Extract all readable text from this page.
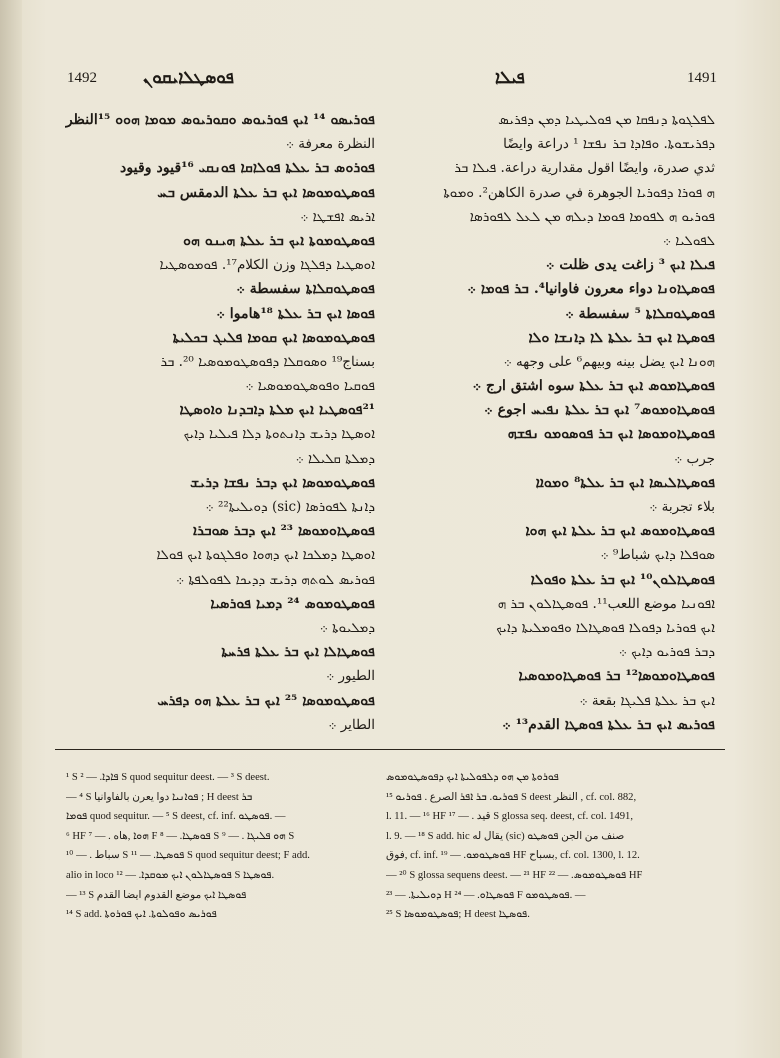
1492	ܦܘܣܛܠܐܝܩܘܢ	ܦܝܠܐ	1491
ܦܘܪܝܣܘ ¹⁴ ܐܝܟ ܦܘܪܝܘܣ ܘܩܘܪܝܘܣ ܡܘܡܐ ܗܘܘ ¹⁵النظر
النظرة معرفة ܀
ܦܘܪܘܣ ܒܪ ܥܠܬܐ ܦܘܠܐܩܐ ܦܘܢܩܝ ¹⁶قيود وقيود
ܦܘܣܛܘܡܘܣܐ ܐܝܟ ܒܪ ܥܠܬܐ الدمقس ܒܚ
ܐܪܝܣ ܐܦܫܛܐ ܀
ܦܘܣܛܘܡܘܬܐ ܐܝܟ ܒܪ ܥܠܬܐ ܗܝܢܘ ܗܘ
ܐܘܣܛܝܐ ܕܦܠܓܐ وزن الكلام¹⁷. ܦܘܡܘܣܛܝܐ
ܦܘܣܛܘܩܠܐܬܐ سفسطة ܀
ܦܘܣܐ ܐܝܟ ܒܪ ܥܠܬܐ ¹⁸هاموا ܀
ܦܘܣܛܘܡܘܣܐ ܐܝܟ ܩܘܡܐ ܦܠܝܓ ܒܟܠܝܬܐ
بسناج¹⁹ ܘܣܘܩܠܐ ܕܦܘܣܛܘܡܘܣܝܐ ²⁰. ܒܪ
ܦܘܩܝܐ ܘܦܘܣܛܘܡܘܣܝܐ ܀
²¹ܦܘܣܛܝܐ ܐܝܟ ܡܠܬܐ ܕܐܒܕܢܐ ܘܐܘܣܛܐ
ܐܘܣܛܐ ܕܪܝܫ ܕܐܢܬܘܬܐ ܕܠܐ ܦܝܠܝܐ ܕܐܝܟ
ܕܡܠܬܐ ܩܠܝܠܐ ܀
ܦܘܣܛܘܡܘܣܐ ܐܝܟ ܕܒܪ ܢܦܫܐ ܕܪܝܫ
ܕܐܢܬܐ ܠܦܘܪܣܐ (sic) ܕܘܝܠܝܬܐ²² ܀
ܦܘܣܛܐܘܡܘܣܐ ²³ ܐܝܟ ܕܒܪ ܣܘܒܪܐ
ܐܘܣܛܐ ܕܡܠܟܐ ܐܝܟ ܕܗܘܐ ܘܦܠܓܘܬܐ ܐܝܟ ܦܘܠܐ
ܦܘܪܝܣ ܠܘܬܗ ܕܪܝܫ ܕܕܝܟܐ ܠܦܘܠܦܬܐ ܀
ܦܘܣܛܘܡܘܣ ²⁴ ܕܡܝܐ ܦܘܪܣܝܐ
ܕܡܠܝܘܬܐ ܀
ܦܘܣܛܐܠܐ ܐܝܟ ܒܪ ܥܠܬܐ ܦܪܚܬܐ
الطيور ܀
ܦܘܣܛܘܡܘܣܐ ²⁵ ܐܝܟ ܒܪ ܥܠܬܐ ܗܘ ܕܦܪܚ
الطاير ܀
ܠܦܠܓܘܬܐ ܕܢܦܩܐ ܡܢ ܦܘܠܝܛܝܐ ܕܡܢ ܕܦܪܝܣ
ܕܦܪܝܫܘܬܐ. ܘܦܐܕܐ ܒܪ ܢܦܫܐ ¹ دراعة وايضًا
ثدي صدرة، وايضًا اقول مقدارية دراعة. ܦܝܠܐ ܒܪ
ܗ ܦܘܪܐ ܕܦܘܪܝܐ الجوهرة في صدرة الكاهن². ܘܡܘܬܐ
ܦܘܪܝܘ ܗ ܠܦܘܡܐ ܦܘܡܐ ܕܝܠܗ ܡܢ ܠܥܠ ܠܦܘܪܣܐ
ܠܦܘܠܝܐ ܀
ܦܝܠܐ ܐܝܟ ³ زاغت يدى ظلت ܀
ܦܘܣܛܐܘܢܐ دواء معرون فاوانيا⁴. ܒܪ ܦܘܡܐ ܀
ܦܘܣܛܘܩܠܐܬܐ ⁵ سفسطة ܀
ܦܘܣܛܐ ܐܝܟ ܒܪ ܥܠܬܐ ܠܐ ܕܐܢܫܐ ܘܠܐ
ܗܘܢܐ ܐܝܟ يضل بينه وبيهم⁶ على وجهه ܀
ܦܘܣܛܐܡܘܣ ܐܝܟ ܒܪ ܥܠܬܐ سوه اشتق ارج ܀
ܦܘܣܛܐܘܡܘܣ⁷ ܐܝܟ ܒܪ ܥܠܬܐ ܢܦܝܚ اجوع ܀
ܦܘܣܛܐܘܡܘܣܐ ܐܝܟ ܒܪ ܦܘܣܘܡܘ ܢܦܫܗ
جرب ܀
ܦܘܣܛܐܠܝܣܐ ܐܝܟ ܒܪ ܥܠܬܐ⁸ ܘܡܘܐܐ
بلاء تجربة ܀
ܦܘܣܛܐܘܡܘܣ ܐܝܟ ܒܪ ܥܠܬܐ ܐܝܟ ܗܘܐ
ܣܘܦܠܐ ܕܐܝܟ شباط⁹ ܀
ܦܘܣܛܐܠܘܢ¹⁰ ܐܝܟ ܒܪ ܥܠܬܐ ܘܦܘܠܐ
ܐܦܘܢܝܐ موضع اللعب¹¹. ܦܘܣܛܐܠܘܢ ܒܪ ܗ
ܐܝܟ ܦܘܪܝܐ ܕܦܘܠܐ ܦܘܣܛܐܠܐ ܘܦܘܡܠܝܬܐ ܕܐܝܟ
ܕܒܪ ܦܘܪܝܘ ܕܐܝܟ ܀
ܦܘܣܛܐܘܡܘܣܐ¹² ܒܪ ܦܘܣܛܐܘܡܘܣܝܐ
ܐܝܟ ܒܪ ܥܠܬܐ ܦܠܝܓܐ بقعة ܀
ܦܘܪܝܣ ܐܝܟ ܒܪ ܥܠܬܐ ܦܘܣܛܐ القدم¹³ ܀
¹ S ܦܐܕܐ. — ² S quod sequitur deest. — ³ S deest.
— ⁴ S ܦܘܐܢܝܐ دوا يعرن بالفاوانيا ; H deest ܒܪ
ܦܘܡܐ quod sequitur. — ⁵ S deest, cf. inf. ܦܘܣܛܘ. —
⁶ HF ܗܘܐ ,هاه . — ⁷ F ܦܘܣܛܐ. — ⁸ S ܗܘ ܦܠܝܓܐ . — ⁹ S
سباط . — ¹⁰ S ܦܘܣܛܐ. — ¹¹ S quod sequitur deest; F add.
alio in loco ܦܘܣܛܐܠܘܢ ܐܝܟ ܡܘܩܕܐ. — ¹² S ܦܘܣܛܐ.
— ¹³ S ܦܘܣܛܐ ܐܝܟ موضع القدوم ايضا القدم
¹⁴ S add. ܦܘܪܝܣ ܘܦܘܠܘܬܐ. ܐܝܟ ܦܘܪܘܬܐ
ܦܘܪܘܬܐ ܡܢ ܗܘ ܕܠܦܘܠܝܬܐ ܐܝܟ ܕܦܘܣܛܘܡܘܣ
ܦܘܪܝܘ. ܒܪ ܐܦܪ الصرع . ܦܘܪܝܘ ¹⁵ S deest النظر , cf. col. 882,
l. 11. — ¹⁶ HF قيد . — ¹⁷ S glossa seq. deest, cf. col. 1491,
l. 9. — ¹⁸ S add. hic يقال له (sic) صنف من الجن ܦܘܣܛܘ
فوق, cf. inf. ܦܘܣܛܘܡܘ. — ¹⁹ HF بسباح, cf. col. 1300, l. 12.
— ²⁰ S glossa sequens deest. — ²¹ HF ܦܘܣܛܘܡܘܣ. — ²² HF
ܕܘܝܠܝܬܐ. — ²³ H ܦܘܣܛܐܘ. — ²⁴ F ܦܘܣܛܘܡܘ. —
²⁵ S ܦܘܣܛܘܡܘܣܐ; H deest ܦܘܣܛܐ.
